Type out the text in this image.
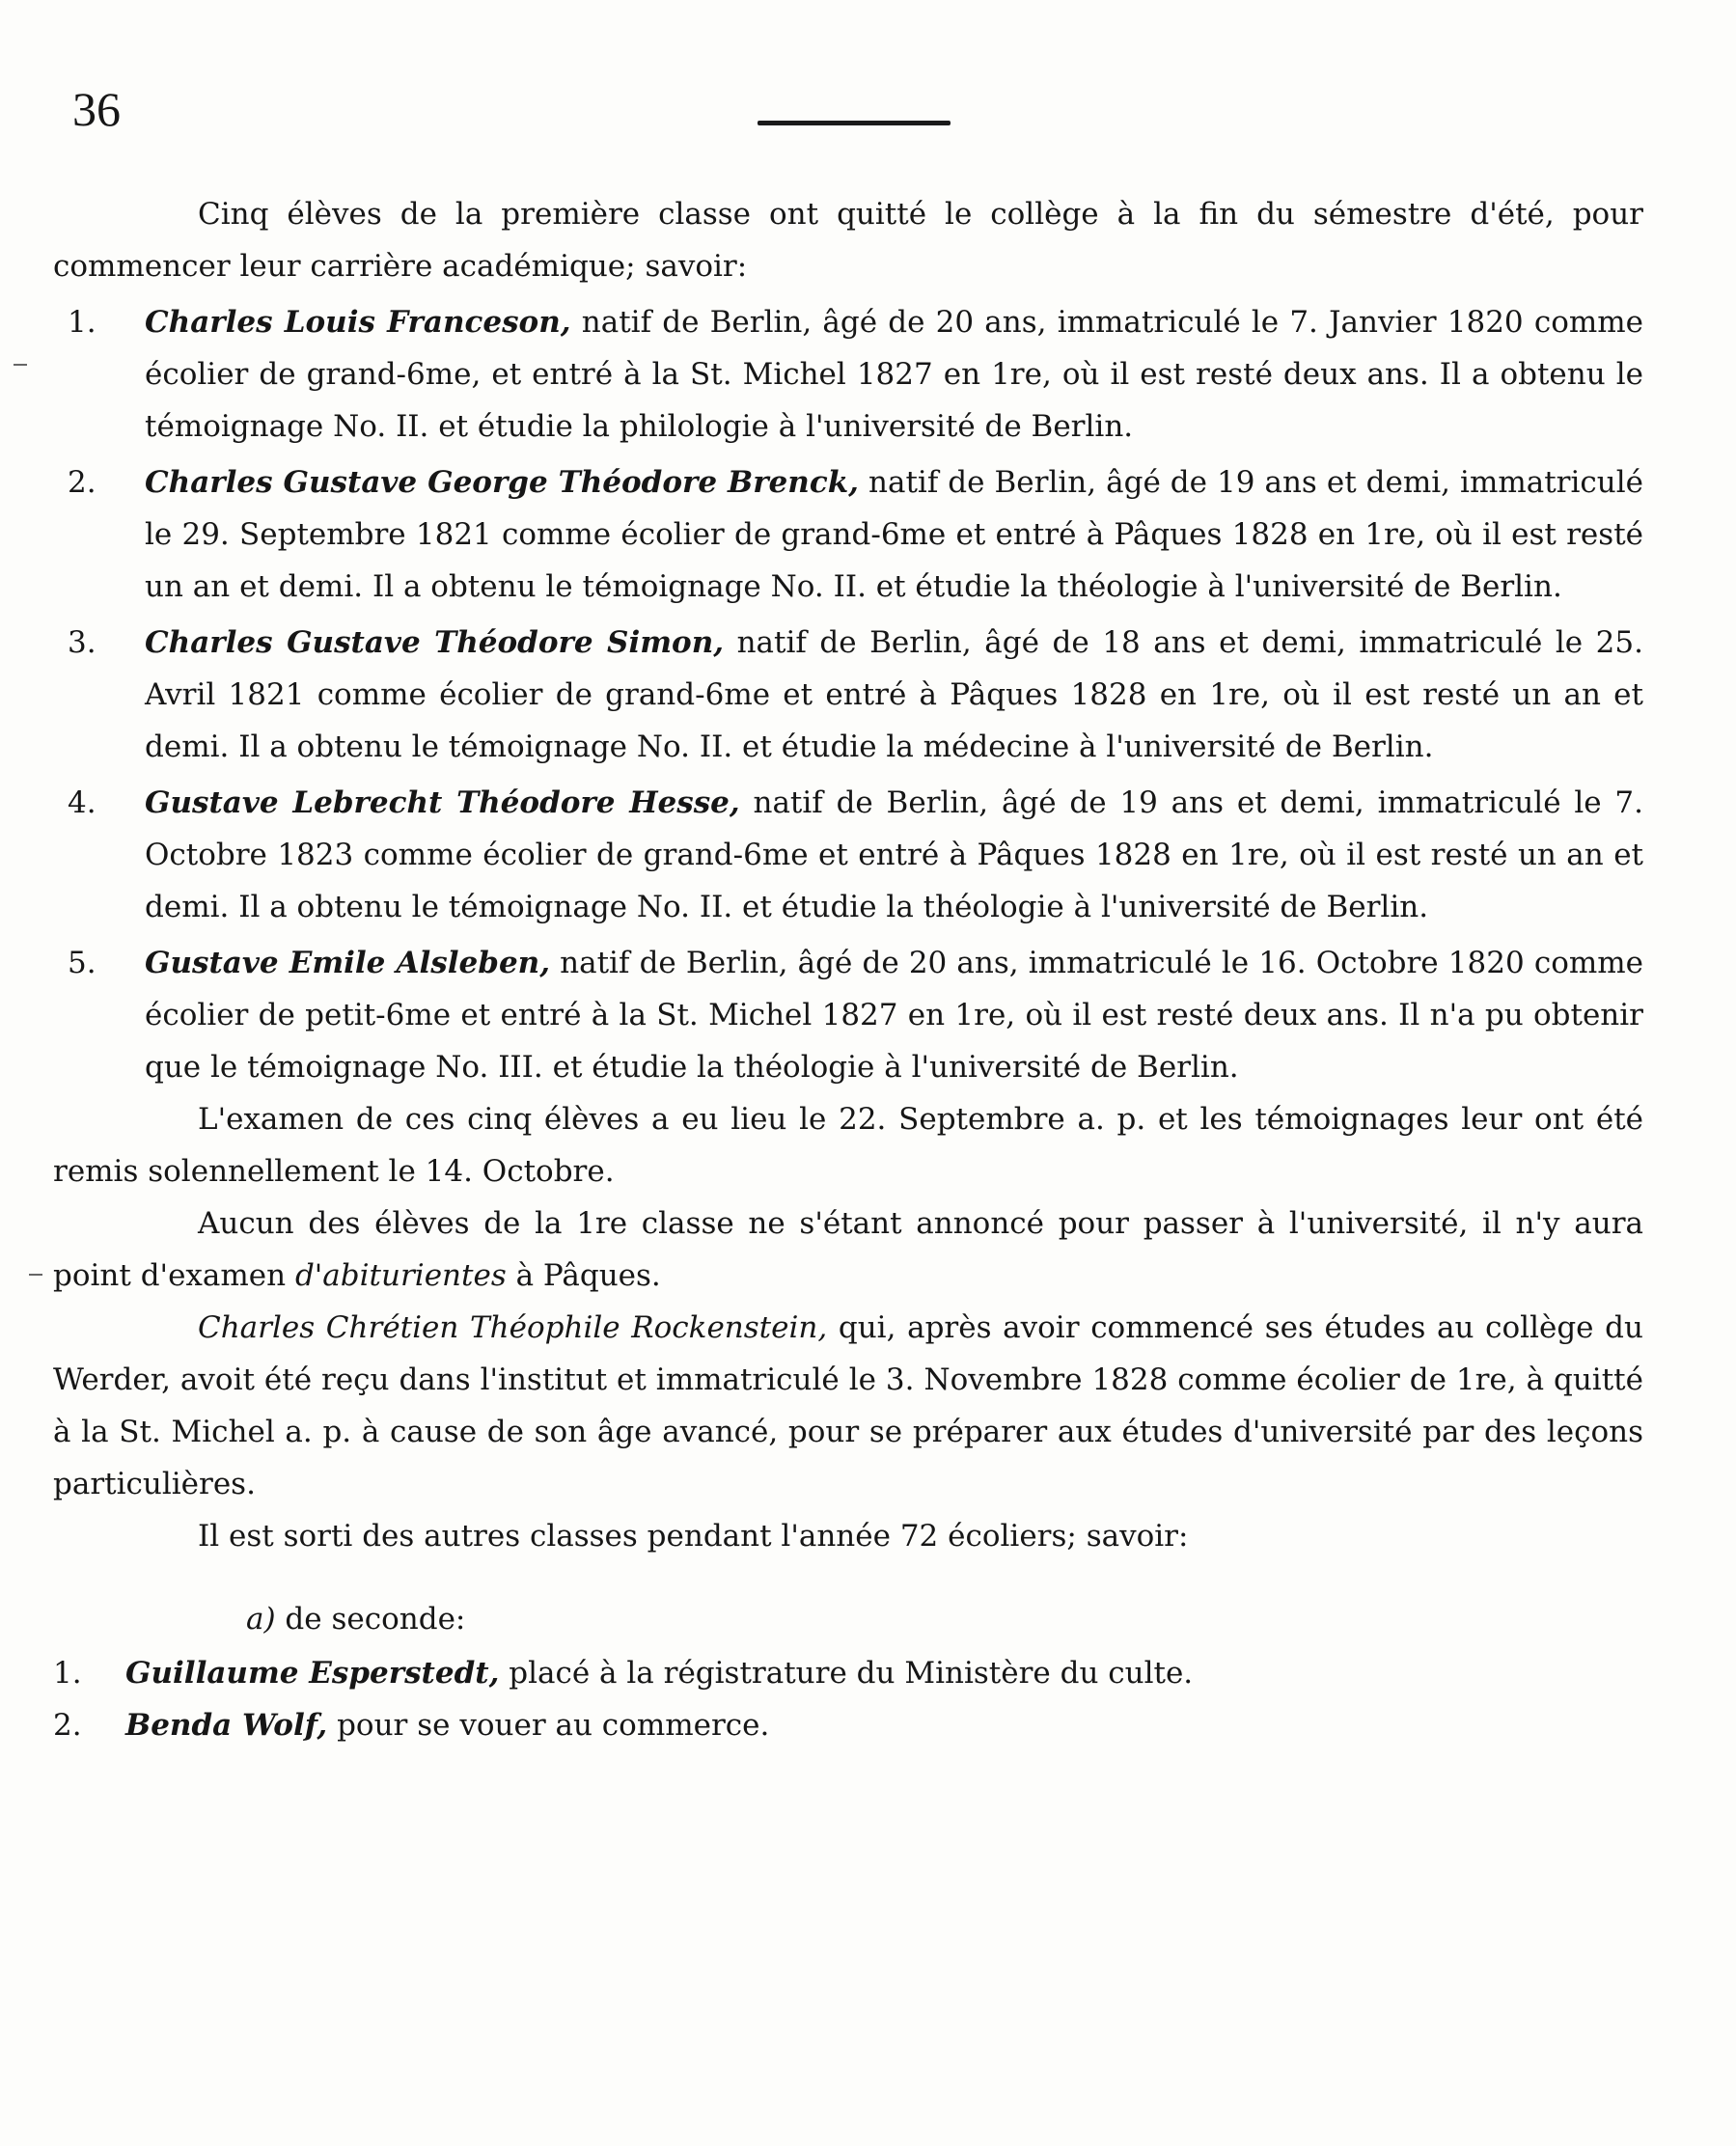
36

Cinq élèves de la première classe ont quitté le collège à la fin du sémestre d'été, pour commencer leur carrière académique; savoir:

1. Charles Louis Franceson, natif de Berlin, âgé de 20 ans, immatriculé le 7. Janvier 1820 comme écolier de grand-6me, et entré à la St. Michel 1827 en 1re, où il est resté deux ans. Il a obtenu le témoignage No. II. et étudie la philologie à l'université de Berlin.
2. Charles Gustave George Théodore Brenck, natif de Berlin, âgé de 19 ans et demi, immatriculé le 29. Septembre 1821 comme écolier de grand-6me et entré à Pâques 1828 en 1re, où il est resté un an et demi. Il a obtenu le témoignage No. II. et étudie la théologie à l'université de Berlin.
3. Charles Gustave Théodore Simon, natif de Berlin, âgé de 18 ans et demi, immatriculé le 25. Avril 1821 comme écolier de grand-6me et entré à Pâques 1828 en 1re, où il est resté un an et demi. Il a obtenu le témoignage No. II. et étudie la médecine à l'université de Berlin.
4. Gustave Lebrecht Théodore Hesse, natif de Berlin, âgé de 19 ans et demi, immatriculé le 7. Octobre 1823 comme écolier de grand-6me et entré à Pâques 1828 en 1re, où il est resté un an et demi. Il a obtenu le témoignage No. II. et étudie la théologie à l'université de Berlin.
5. Gustave Emile Alsleben, natif de Berlin, âgé de 20 ans, immatriculé le 16. Octobre 1820 comme écolier de petit-6me et entré à la St. Michel 1827 en 1re, où il est resté deux ans. Il n'a pu obtenir que le témoignage No. III. et étudie la théologie à l'université de Berlin.

L'examen de ces cinq élèves a eu lieu le 22. Septembre a. p. et les témoignages leur ont été remis solennellement le 14. Octobre.

Aucun des élèves de la 1re classe ne s'étant annoncé pour passer à l'université, il n'y aura point d'examen d'abiturientes à Pâques.

Charles Chrétien Théophile Rockenstein, qui, après avoir commencé ses études au collège du Werder, avoit été reçu dans l'institut et immatriculé le 3. Novembre 1828 comme écolier de 1re, à quitté à la St. Michel a. p. à cause de son âge avancé, pour se préparer aux études d'université par des leçons particulières.

Il est sorti des autres classes pendant l'année 72 écoliers; savoir:

a) de seconde:
1. Guillaume Esperstedt, placé à la régistrature du Ministère du culte.
2. Benda Wolf, pour se vouer au commerce.
